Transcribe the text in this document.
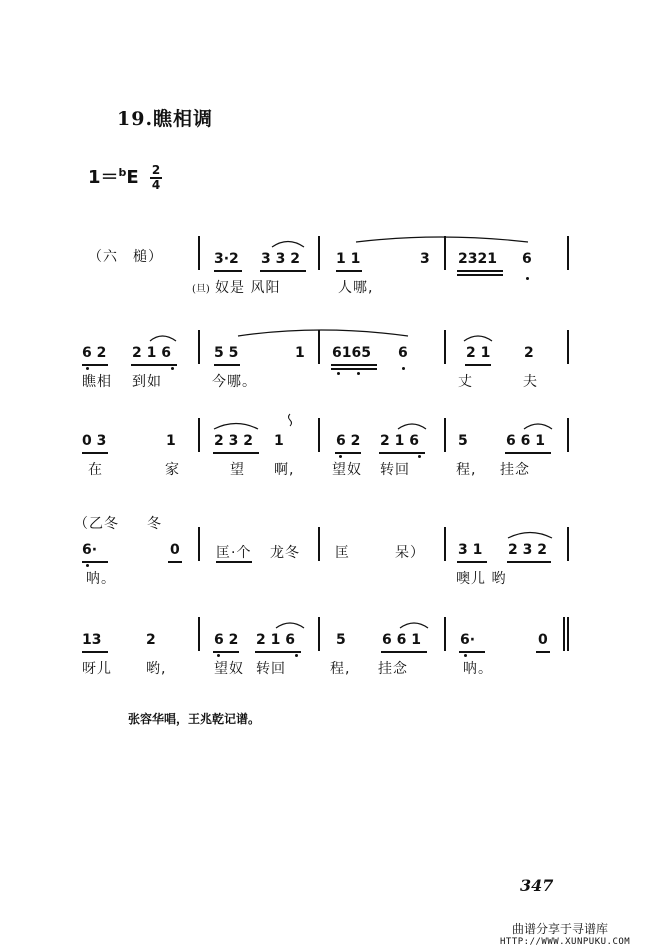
19.瞧相调
1＝$^b$E	2
4
（六　槌）	3·2 3 3 2	1 1	3 2321 6
(旦) 奴是 风阳	人哪,
6 2 2 1 6	5 5	1 6165 6	2 1 2
瞧相 到如	今哪。	丈	夫
0 3	1	2 3 2 1	6 2 2 1 6	5	6 6 1
在	家	望 啊,	望奴 转回	程, 挂念
（乙冬 冬
6·	0	匡·个 龙冬	匡	呆） 3 1 2 3 2
呐。	噢儿 哟
13	2	6 2 2 1 6	5	6 6 1	6·	0
呀儿 哟,	望奴 转回	程, 挂念	呐。
张容华唱，王兆乾记谱。
347
曲谱分享于寻谱库
HTTP://WWW.XUNPUKU.COM
